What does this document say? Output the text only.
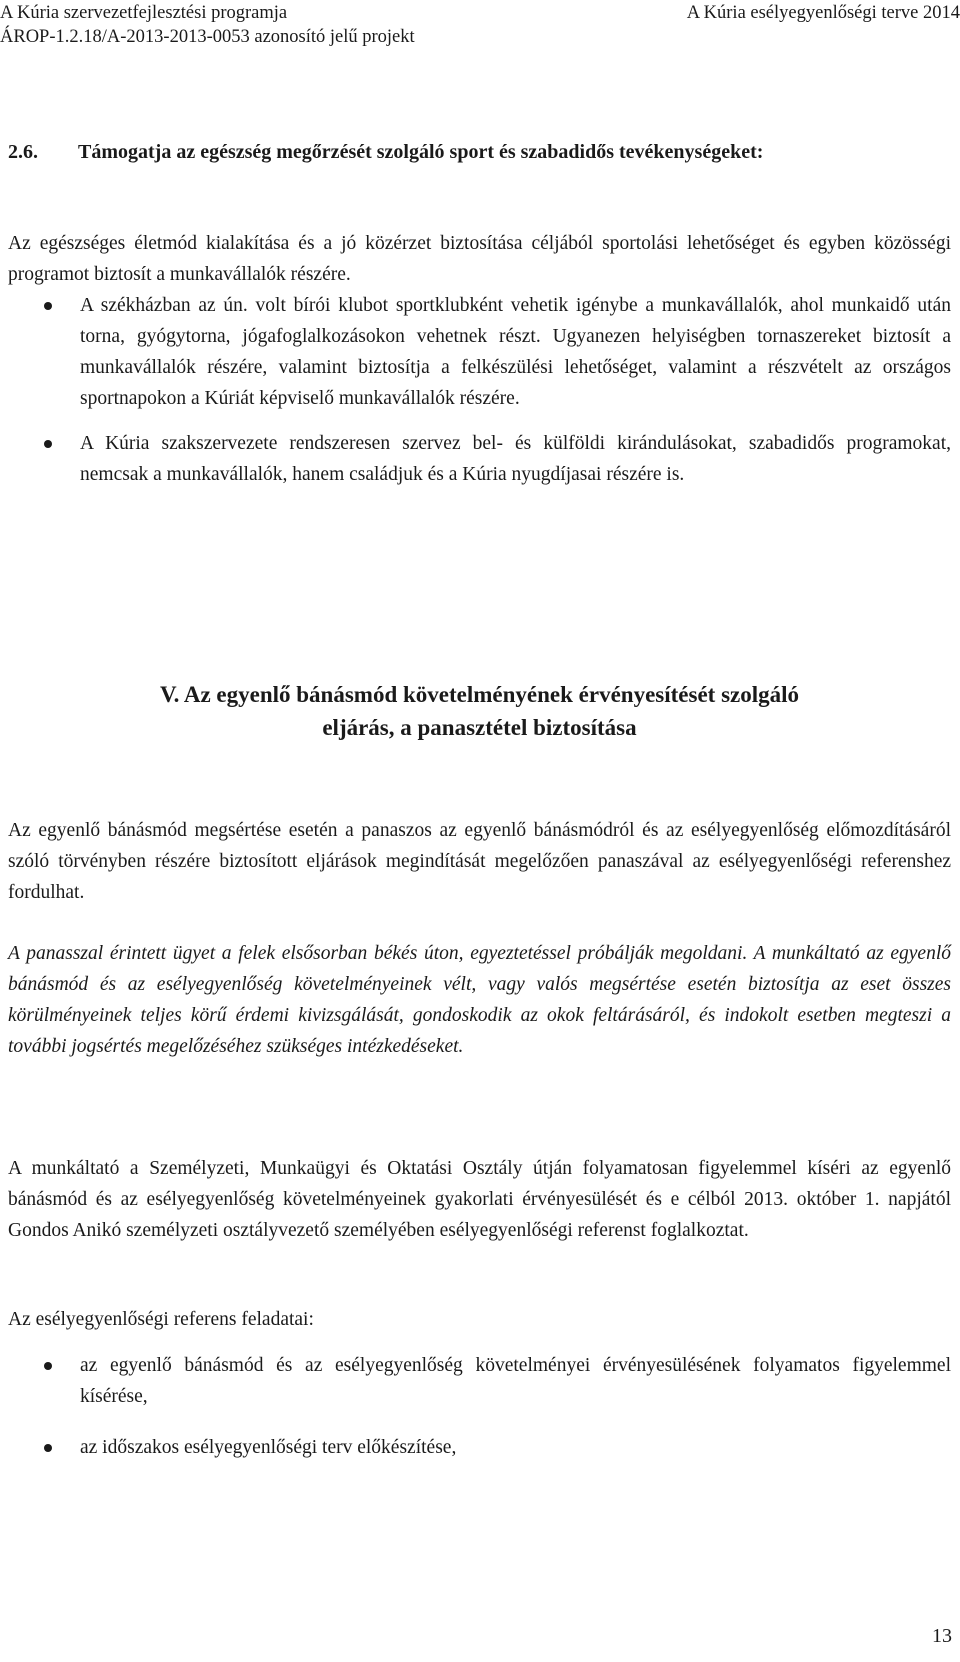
A Kúria szervezetfejlesztési programja	A Kúria esélyegyenlőségi terve 2014
ÁROP-1.2.18/A-2013-2013-0053 azonosító jelű projekt
2.6. Támogatja az egészség megőrzését szolgáló sport és szabadidős tevékenységeket:

Az egészséges életmód kialakítása és a jó közérzet biztosítása céljából sportolási lehetőséget és egyben közösségi programot biztosít a munkavállalók részére.

A székházban az ún. volt bírói klubot sportklubként vehetik igénybe a munkavállalók, ahol munkaidő után torna, gyógytorna, jógafoglalkozásokon vehetnek részt. Ugyanezen helyiségben tornaszereket biztosít a munkavállalók részére, valamint biztosítja a felkészülési lehetőséget, valamint a részvételt az országos sportnapokon a Kúriát képviselő munkavállalók részére.
A Kúria szakszervezete rendszeresen szervez bel- és külföldi kirándulásokat, szabadidős programokat, nemcsak a munkavállalók, hanem családjuk és a Kúria nyugdíjasai részére is.
V. Az egyenlő bánásmód követelményének érvényesítését szolgáló
eljárás, a panasztétel biztosítása

Az egyenlő bánásmód megsértése esetén a panaszos az egyenlő bánásmódról és az esélyegyenlőség előmozdításáról szóló törvényben részére biztosított eljárások megindítását megelőzően panaszával az esélyegyenlőségi referenshez fordulhat.

A panasszal érintett ügyet a felek elsősorban békés úton, egyeztetéssel próbálják megoldani. A munkáltató az egyenlő bánásmód és az esélyegyenlőség követelményeinek vélt, vagy valós megsértése esetén biztosítja az eset összes körülményeinek teljes körű érdemi kivizsgálását, gondoskodik az okok feltárásáról, és indokolt esetben megteszi a további jogsértés megelőzéséhez szükséges intézkedéseket.

A munkáltató a Személyzeti, Munkaügyi és Oktatási Osztály útján folyamatosan figyelemmel kíséri az egyenlő bánásmód és az esélyegyenlőség követelményeinek gyakorlati érvényesülését és e célból 2013. október 1. napjától Gondos Anikó személyzeti osztályvezető személyében esélyegyenlőségi referenst foglalkoztat.

Az esélyegyenlőségi referens feladatai:

az egyenlő bánásmód és az esélyegyenlőség követelményei érvényesülésének folyamatos figyelemmel kísérése,
az időszakos esélyegyenlőségi terv előkészítése,
13
